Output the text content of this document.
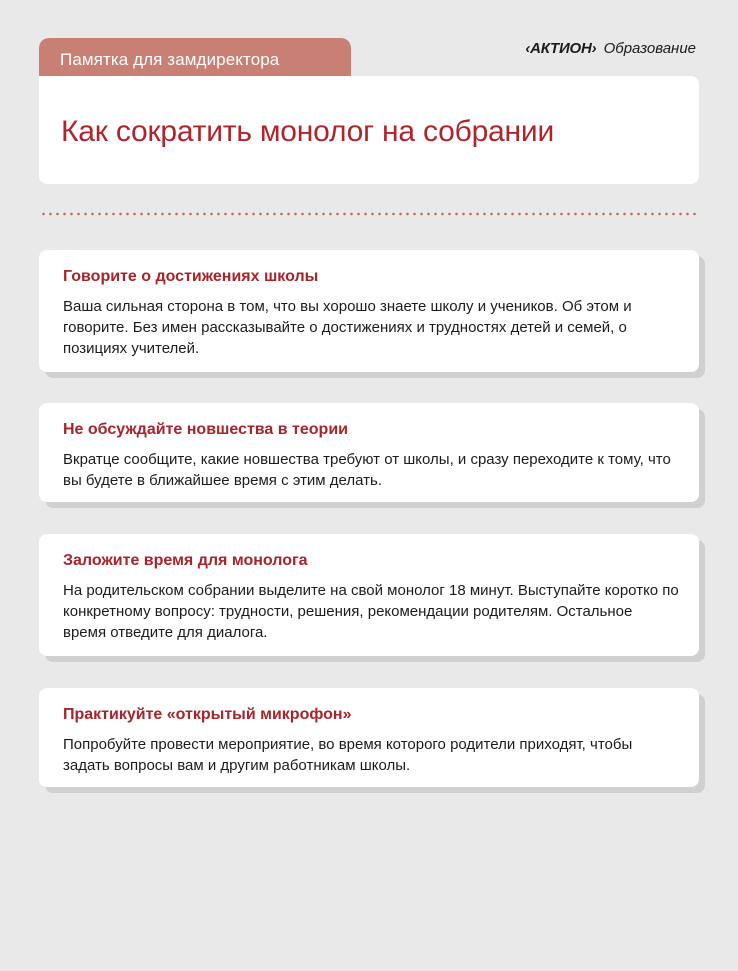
Памятка для замдиректора
‹АКТИОН› Образование
Как сократить монолог на собрании
Говорите о достижениях школы

Ваша сильная сторона в том, что вы хорошо знаете школу и учеников. Об этом и говорите. Без имен рассказывайте о достижениях и трудностях детей и семей, о позициях учителей.

Не обсуждайте новшества в теории

Вкратце сообщите, какие новшества требуют от школы, и сразу переходите к тому, что вы будете в ближайшее время с этим делать.

Заложите время для монолога

На родительском собрании выделите на свой монолог 18 минут. Выступайте коротко по конкретному вопросу: трудности, решения, рекомендации родителям. Остальное время отведите для диалога.

Практикуйте «открытый микрофон»

Попробуйте провести мероприятие, во время которого родители приходят, чтобы задать вопросы вам и другим работникам школы.
